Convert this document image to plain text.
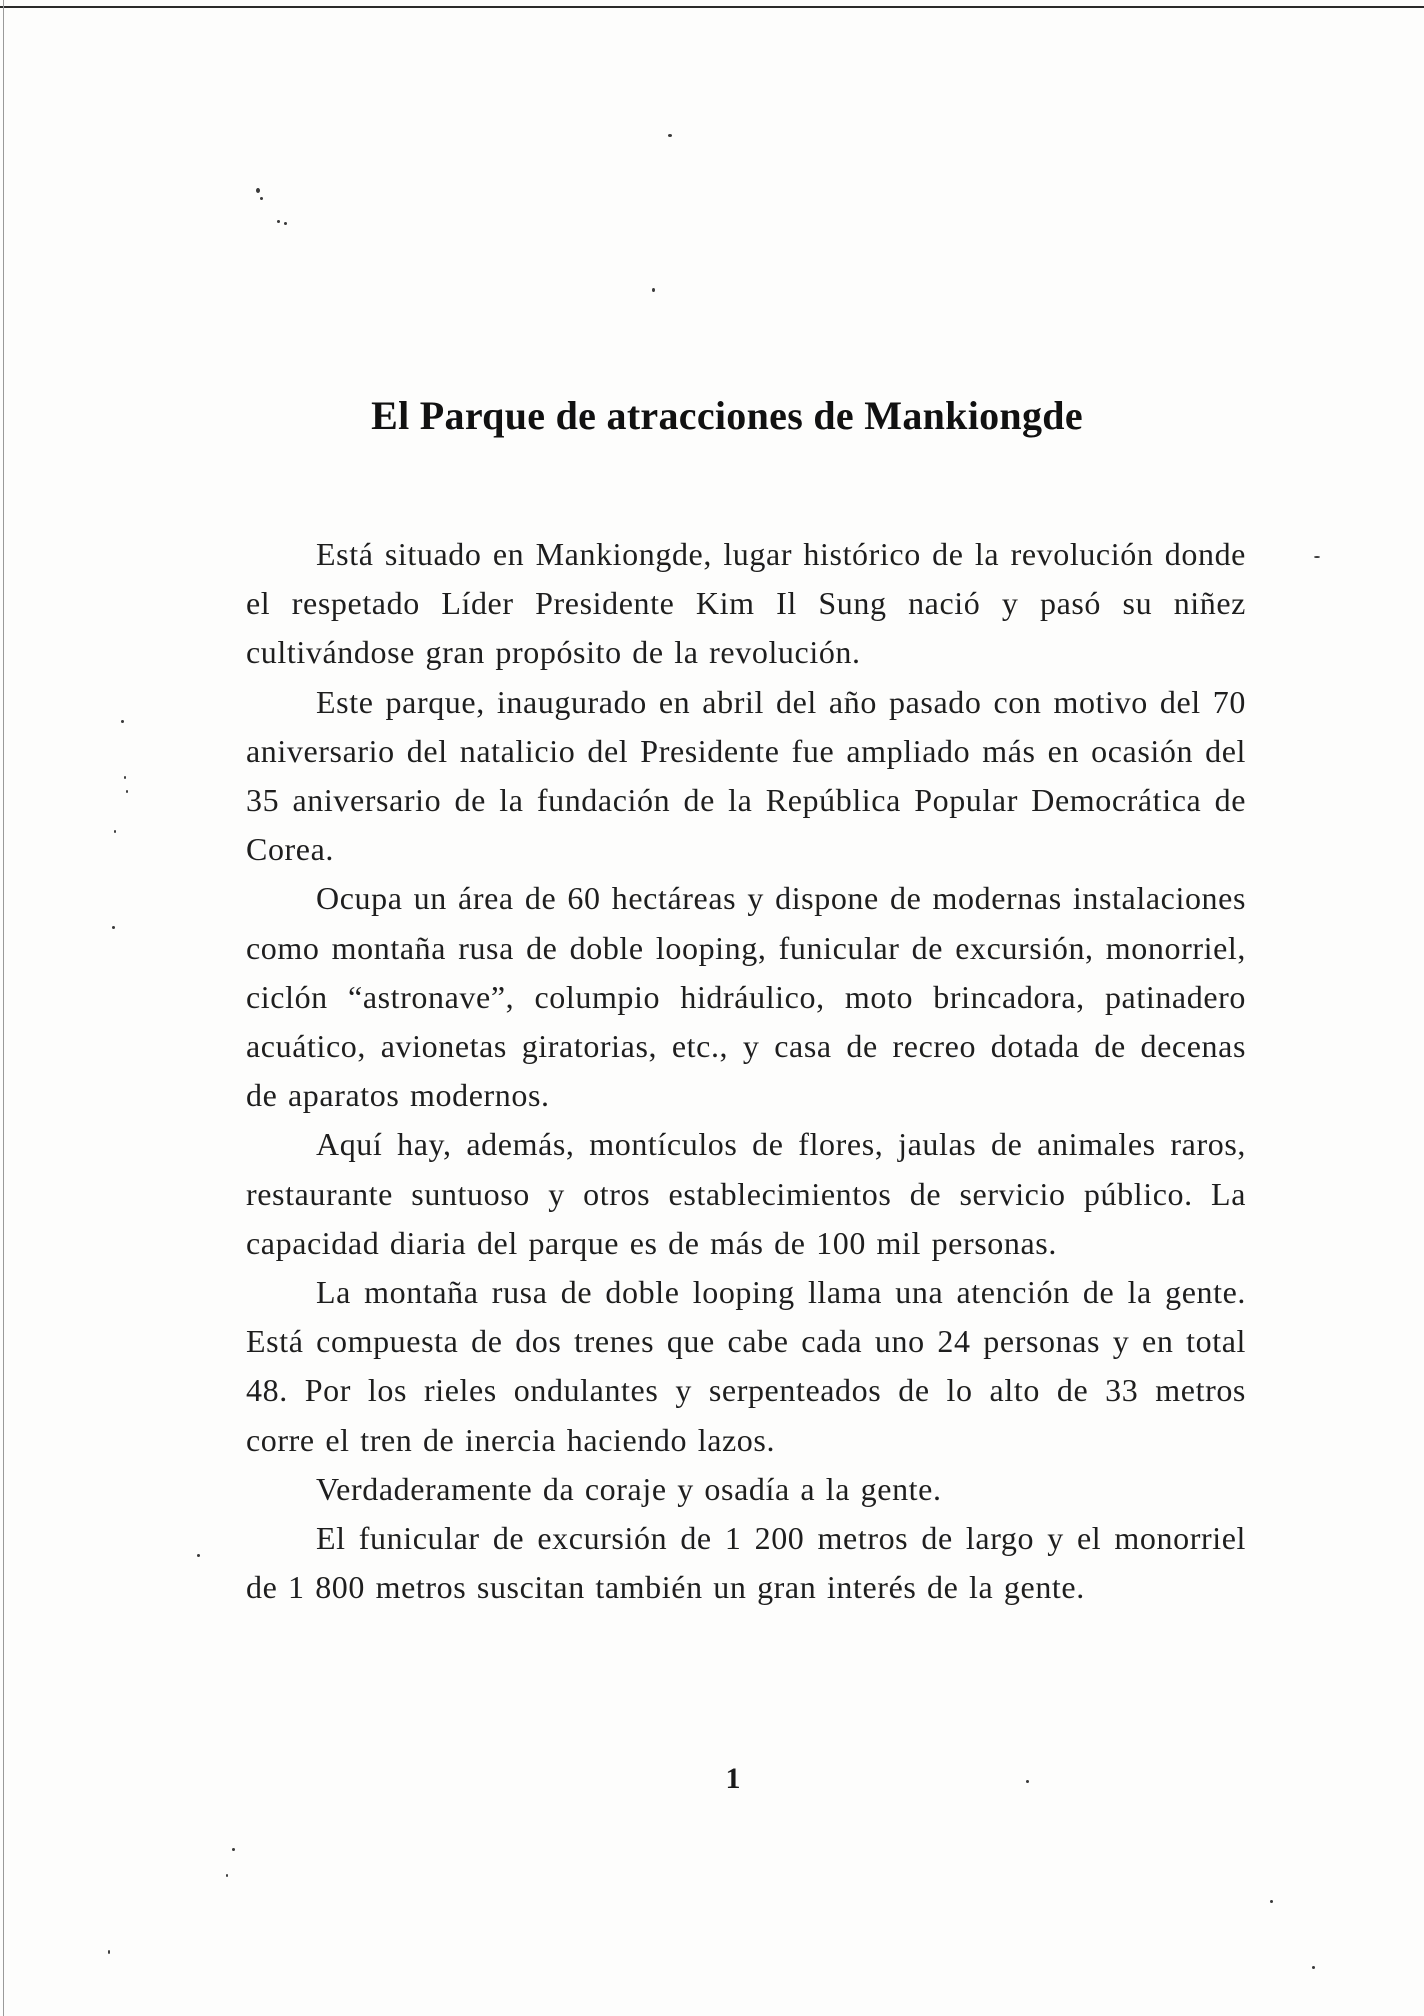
El Parque de atracciones de Mankiongde

Está situado en Mankiongde, lugar histórico de la revolución donde el respetado Líder Presidente Kim Il Sung nació y pasó su niñez cultivándose gran propósito de la revolución.

Este parque, inaugurado en abril del año pasado con motivo del 70 aniversario del natalicio del Presidente fue ampliado más en ocasión del 35 aniversario de la fundación de la República Popular Democrática de Corea.

Ocupa un área de 60 hectáreas y dispone de modernas instalaciones como montaña rusa de doble looping, funicular de excursión, monorriel, ciclón “astronave”, columpio hidráulico, moto brincadora, patinadero acuático, avionetas giratorias, etc., y casa de recreo dotada de decenas de aparatos modernos.

Aquí hay, además, montículos de flores, jaulas de animales raros, restaurante suntuoso y otros establecimientos de servicio público. La capacidad diaria del parque es de más de 100 mil personas.

La montaña rusa de doble looping llama una atención de la gente. Está compuesta de dos trenes que cabe cada uno 24 personas y en total 48. Por los rieles ondulantes y serpenteados de lo alto de 33 metros corre el tren de inercia haciendo lazos.

Verdaderamente da coraje y osadía a la gente.

El funicular de excursión de 1 200 metros de largo y el monorriel de 1 800 metros suscitan también un gran interés de la gente.

1
